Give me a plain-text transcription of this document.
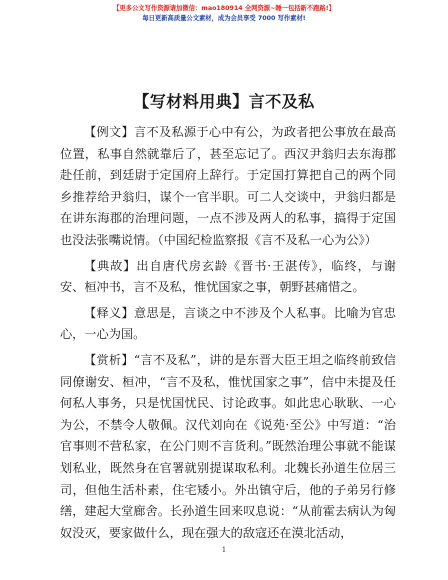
【更多公文写作资源请加微信：mao180914 全网资源~睡一包括新不跑路!】
每日更新高质量公文素材，成为会员享受 7000 写作素材!
【写材料用典】言不及私

【例文】言不及私源于心中有公，为政者把公事放在最高位置，私事自然就靠后了，甚至忘记了。西汉尹翁归去东海郡赴任前，到廷尉于定国府上辞行。于定国打算把自己的两个同乡推荐给尹翁归，谋个一官半职。可二人交谈中，尹翁归都是在讲东海郡的治理问题，一点不涉及两人的私事，搞得于定国也没法张嘴说情。（中国纪检监察报《言不及私一心为公》）

【典故】出自唐代房玄龄《晋书·王湛传》，临终，与谢安、桓冲书，言不及私，惟忧国家之事，朝野甚痛惜之。

【释义】意思是，言谈之中不涉及个人私事。比喻为官忠心，一心为国。

【赏析】“言不及私”，讲的是东晋大臣王坦之临终前致信同僚谢安、桓冲，“言不及私，惟忧国家之事”，信中未提及任何私人事务，只是忧国忧民、讨论政事。如此忠心耿耿、一心为公，不禁令人敬佩。汉代刘向在《说苑·至公》中写道：“治官事则不营私家，在公门则不言货利。”既然治理公事就不能谋划私业，既然身在官署就别提谋取私利。北魏长孙道生位居三司，但他生活朴素，住宅矮小。外出镇守后，他的子弟另行修缮，建起大堂廊舍。长孙道生回来叹息说：“从前霍去病认为匈奴没灭，要家做什么，现在强大的敌寇还在漠北活动，

1
